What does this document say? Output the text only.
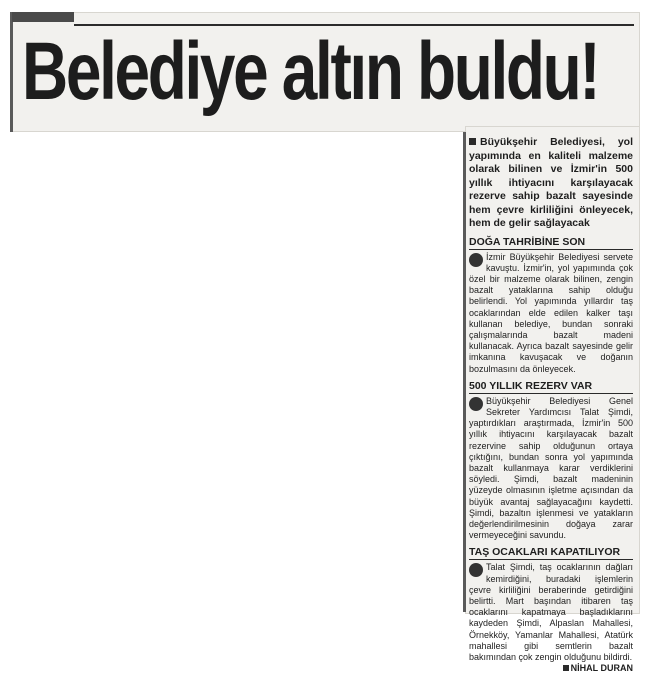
Belediye altın buldu!

Büyükşehir Belediyesi, yol yapımında en kaliteli malzeme olarak bilinen ve İzmir'in 500 yıllık ihtiyacını karşılayacak rezerve sahip bazalt sayesinde hem çevre kirliliğini önleyecek, hem de gelir sağlayacak

DOĞA TAHRİBİNE SON

İzmir Büyükşehir Belediyesi servete kavuştu. İzmir'in, yol yapımında çok özel bir malzeme olarak bilinen, zengin bazalt yataklarına sahip olduğu belirlendi. Yol yapımında yıllardır taş ocaklarından elde edilen kalker taşı kullanan belediye, bundan sonraki çalışmalarında bazalt madeni kullanacak. Ayrıca bazalt sayesinde gelir imkanına kavuşacak ve doğanın bozulmasını da önleyecek.

500 YILLIK REZERV VAR

Büyükşehir Belediyesi Genel Sekreter Yardımcısı Talat Şimdi, yaptırdıkları araştırmada, İzmir'in 500 yıllık ihtiyacını karşılayacak bazalt rezervine sahip olduğunun ortaya çıktığını, bundan sonra yol yapımında bazalt kullanmaya karar verdiklerini söyledi. Şimdi, bazalt madeninin yüzeyde olmasının işletme açısından da büyük avantaj sağlayacağını kaydetti. Şimdi, bazaltın işlenmesi ve yatakların değerlendirilmesinin doğaya zarar vermeyeceğini savundu.

TAŞ OCAKLARI KAPATILIYOR

Talat Şimdi, taş ocaklarının dağları kemirdiğini, buradaki işlemlerin çevre kirliliğini beraberinde getirdiğini belirtti. Mart başından itibaren taş ocaklarını kapatmaya başladıklarını kaydeden Şimdi, Alpaslan Mahallesi, Örnekköy, Yamanlar Mahallesi, Atatürk mahallesi gibi semtlerin bazalt bakımından çok zengin olduğunu bildirdi.

NİHAL DURAN
